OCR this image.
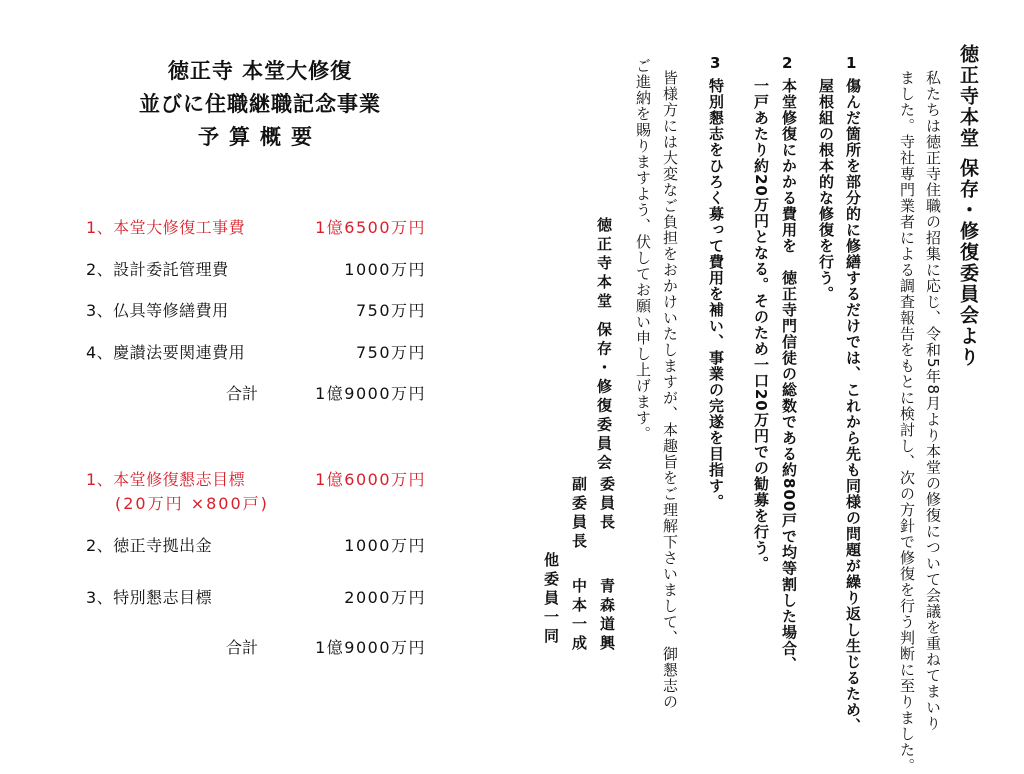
徳正寺 本堂大修復
並びに住職継職記念事業
予算概要
1、本堂大修復工事費	1億6500万円
2、設計委託管理費	1000万円
3、仏具等修繕費用	750万円
4、慶讃法要関連費用	750万円
合計	1億9000万円
1、本堂修復懇志目標	1億6000万円
(20万円 ×800戸)
2、徳正寺拠出金	1000万円
3、特別懇志目標	2000万円
合計	1億9000万円
徳正寺本堂 保存・修復委員会より
私たちは徳正寺住職の招集に応じ、令和5年8月より本堂の修復について会議を重ねてまいり
ました。寺社専門業者による調査報告をもとに検討し、次の方針で修復を行う判断に至りました。
1
傷んだ箇所を部分的に修繕するだけでは、これから先も同様の問題が繰り返し生じるため、
屋根組の根本的な修復を行う。
2
本堂修復にかかる費用を　徳正寺門信徒の総数である約800戸で均等割した場合、
一戸あたり約20万円となる。そのため一口20万円での勧募を行う。
3
特別懇志をひろく募って費用を補い、事業の完遂を目指す。
皆様方には大変なご負担をおかけいたしますが、本趣旨をご理解下さいまして、御懇志の
ご進納を賜りますよう、伏してお願い申し上げます。
徳正寺本堂 保存・修復委員会
委員長
青森道興
副委員長
中本一成
他委員一同
